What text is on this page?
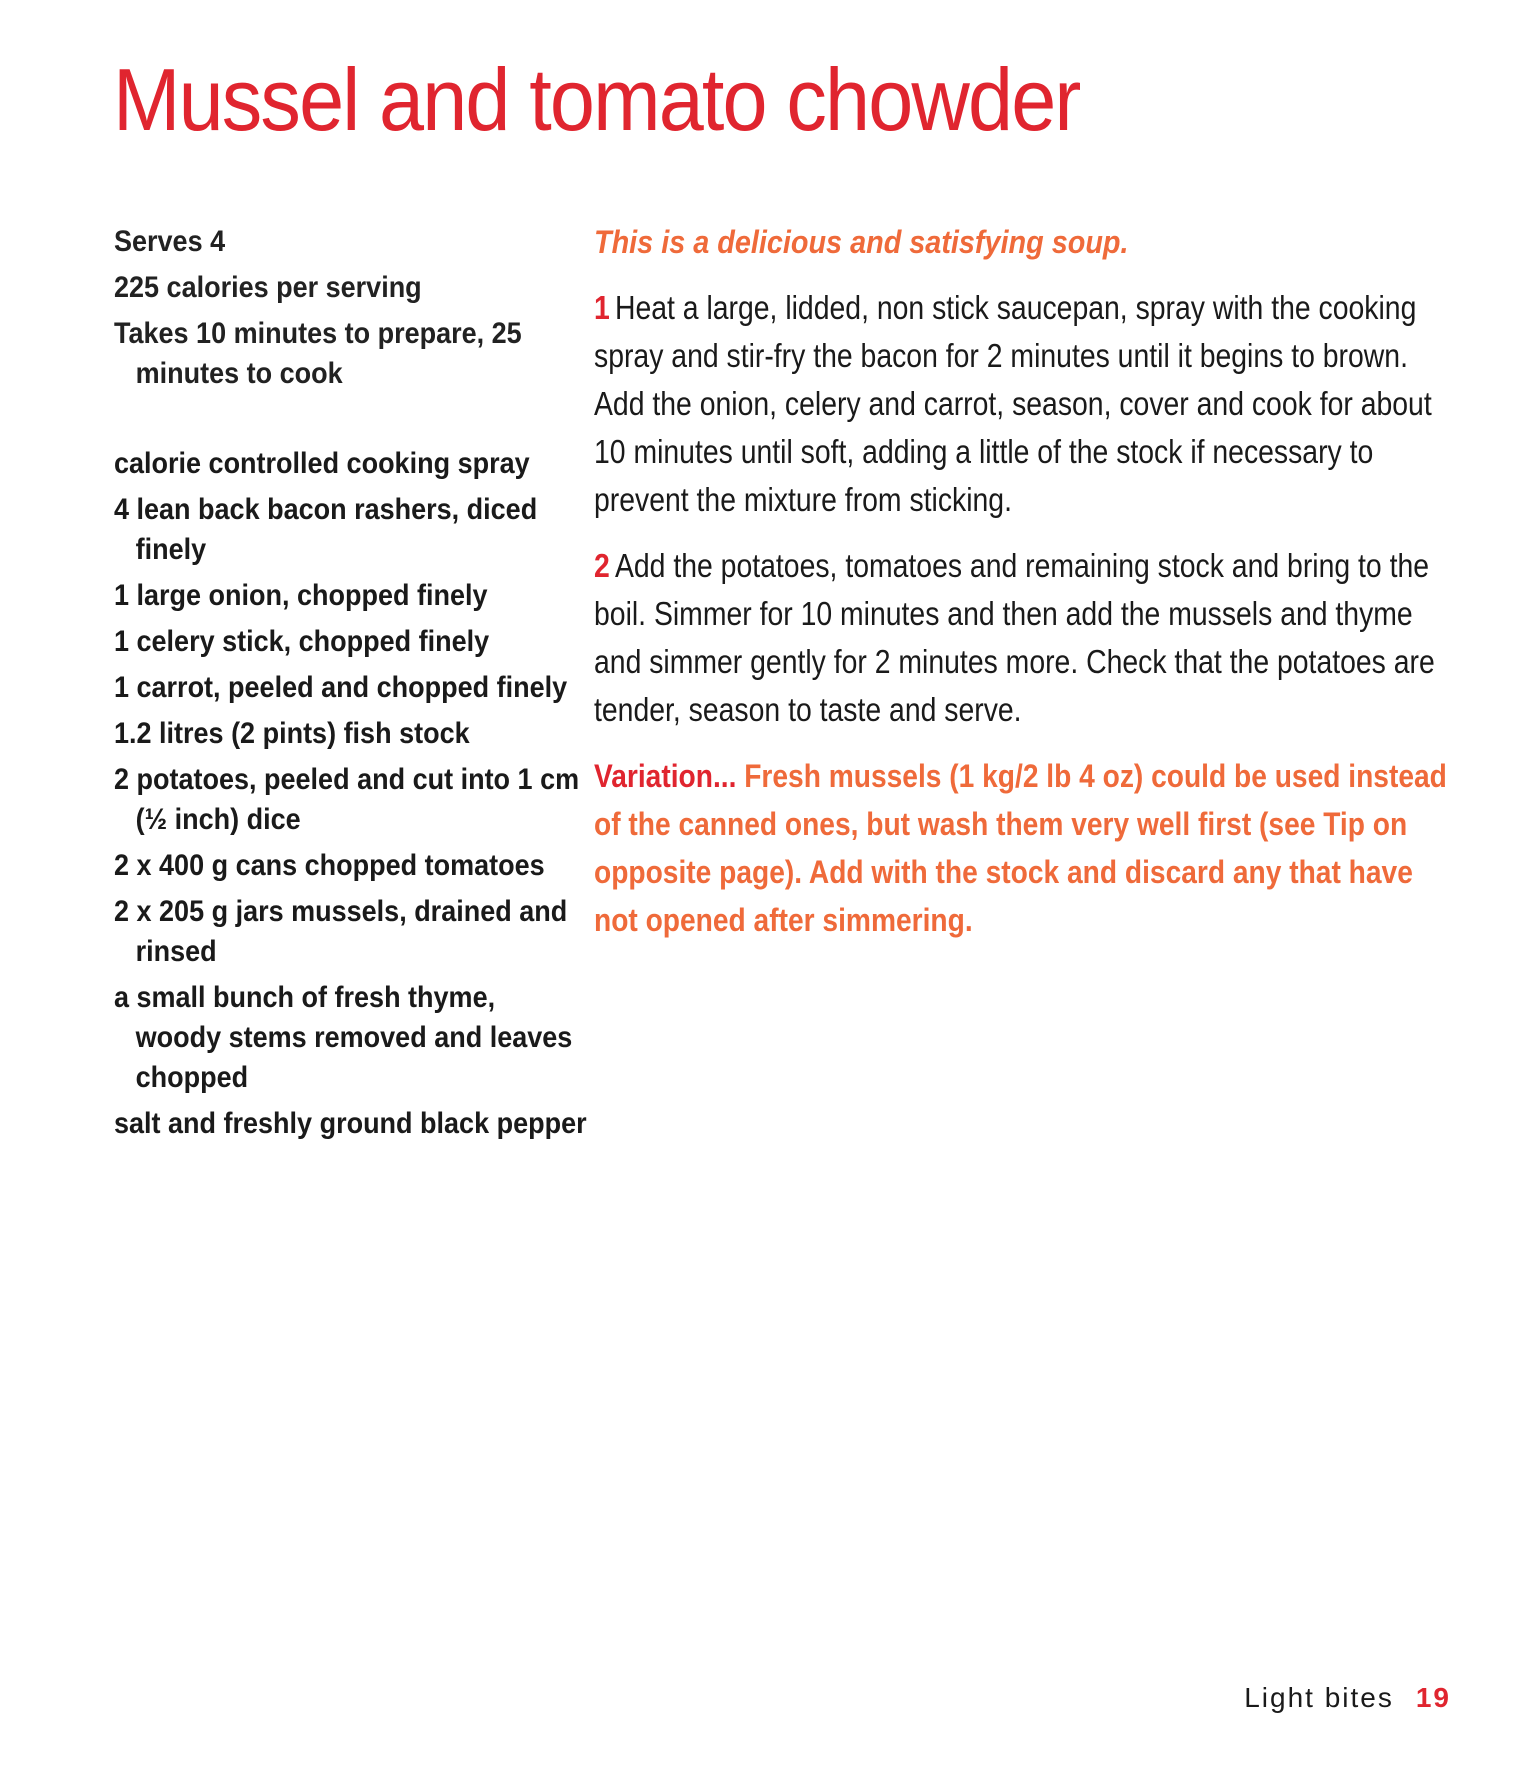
Mussel and tomato chowder
Serves 4
225 calories per serving
Takes 10 minutes to prepare, 25 minutes to cook
calorie controlled cooking spray
4 lean back bacon rashers, diced finely
1 large onion, chopped finely
1 celery stick, chopped finely
1 carrot, peeled and chopped finely
1.2 litres (2 pints) fish stock
2 potatoes, peeled and cut into 1 cm (½ inch) dice
2 x 400 g cans chopped tomatoes
2 x 205 g jars mussels, drained and rinsed
a small bunch of fresh thyme, woody stems removed and leaves chopped
salt and freshly ground black pepper

This is a delicious and satisfying soup.

1 Heat a large, lidded, non stick saucepan, spray with the cooking spray and stir-fry the bacon for 2 minutes until it begins to brown. Add the onion, celery and carrot, season, cover and cook for about 10 minutes until soft, adding a little of the stock if necessary to prevent the mixture from sticking.

2 Add the potatoes, tomatoes and remaining stock and bring to the boil. Simmer for 10 minutes and then add the mussels and thyme and simmer gently for 2 minutes more. Check that the potatoes are tender, season to taste and serve.

Variation... Fresh mussels (1 kg/2 lb 4 oz) could be used instead of the canned ones, but wash them very well first (see Tip on opposite page). Add with the stock and discard any that have not opened after simmering.

Light bites 19
